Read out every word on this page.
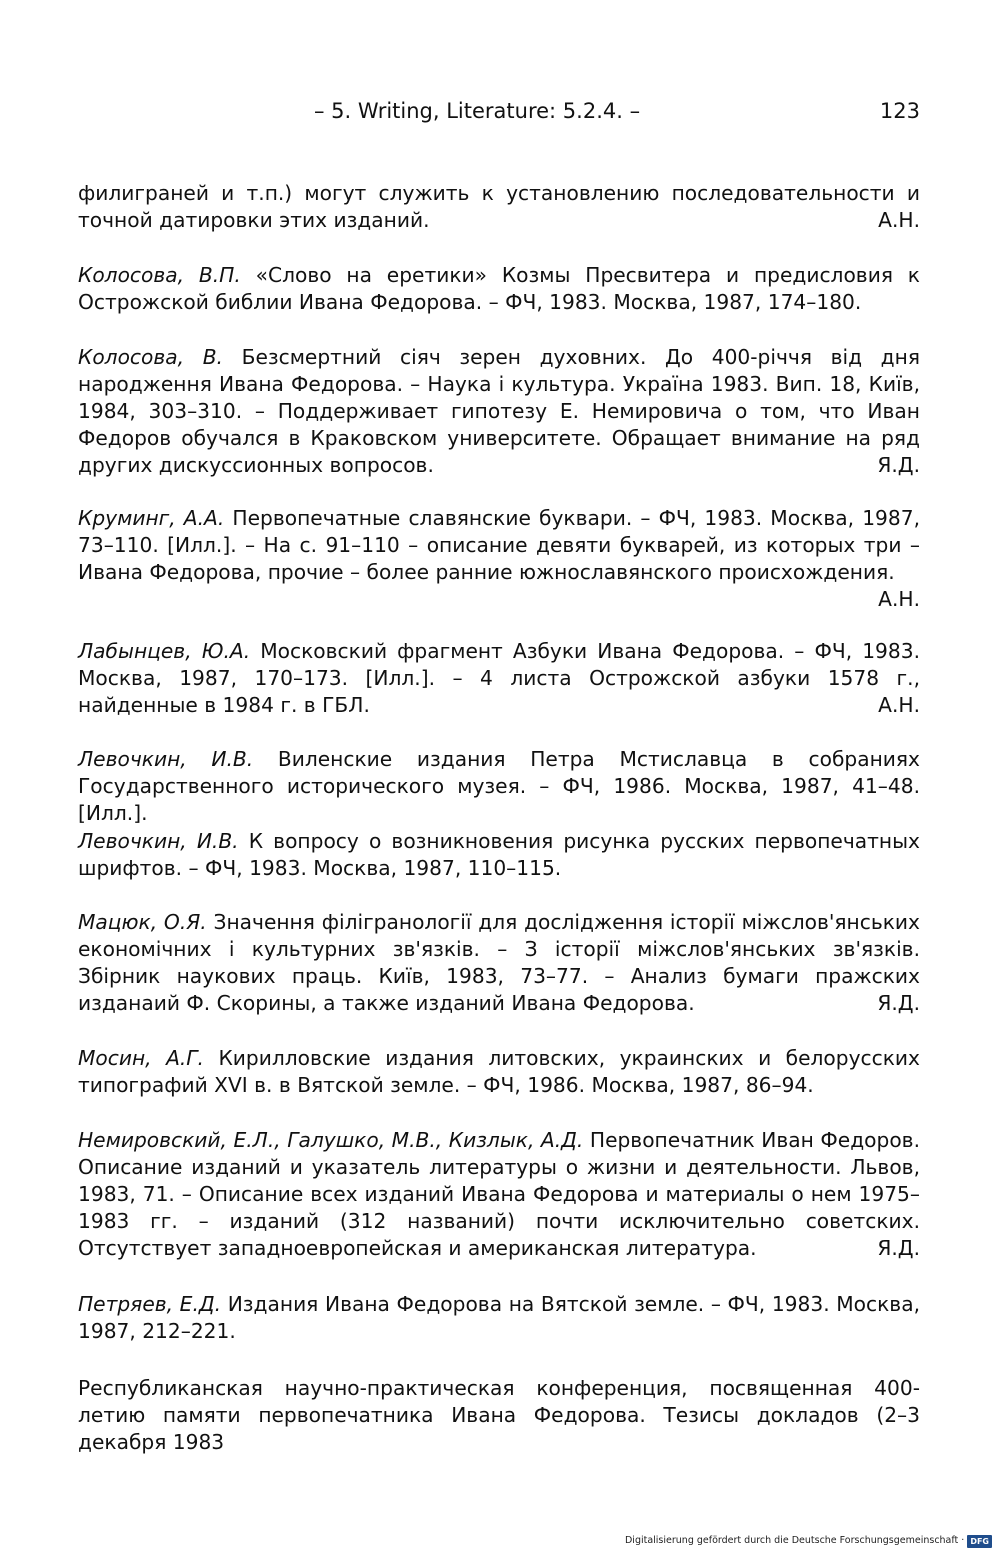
– 5. Writing, Literature: 5.2.4. –	123
филиграней и т.п.) могут служить к установлению последовательности и точной датировки этих изданий.	А.Н.
Колосова, В.П. «Слово на еретики» Козмы Пресвитера и предисловия к Острожской библии Ивана Федорова. – ФЧ, 1983. Москва, 1987, 174–180.
Колосова, В. Безсмертний сіяч зерен духовних. До 400-річчя від дня народження Ивана Федорова. – Наука і культура. Україна 1983. Вип. 18, Київ, 1984, 303–310. – Поддерживает гипотезу Е. Немировича о том, что Иван Федоров обучался в Краковском университете. Обращает внимание на ряд других дискуссионных вопросов.	Я.Д.
Круминг, А.А. Первопечатные славянские буквари. – ФЧ, 1983. Москва, 1987, 73–110. [Илл.]. – На с. 91–110 – описание девяти букварей, из которых три – Ивана Федорова, прочие – более ранние южнославянского происхождения.
А.Н.
Лабынцев, Ю.А. Московский фрагмент Азбуки Ивана Федорова. – ФЧ, 1983. Москва, 1987, 170–173. [Илл.]. – 4 листа Острожской азбуки 1578 г., найденные в 1984 г. в ГБЛ.	А.Н.
Левочкин, И.В. Виленские издания Петра Мстиславца в собраниях Государственного исторического музея. – ФЧ, 1986. Москва, 1987, 41–48. [Илл.].
Левочкин, И.В. К вопросу о возникновения рисунка русских первопечатных шрифтов. – ФЧ, 1983. Москва, 1987, 110–115.
Мацюк, О.Я. Значення філігранології для дослідження історії міжслов'янських економічних і культурних зв'язків. – З історії міжслов'янських зв'язків. Збірник наукових праць. Київ, 1983, 73–77. – Анализ бумаги пражских изданаий Ф. Скорины, а также изданий Ивана Федорова.	Я.Д.
Мосин, А.Г. Кирилловские издания литовских, украинских и белорусских типографий XVI в. в Вятской земле. – ФЧ, 1986. Москва, 1987, 86–94.
Немировский, Е.Л., Галушко, М.В., Кизлык, А.Д. Первопечатник Иван Федоров. Описание изданий и указатель литературы о жизни и деятельности. Львов, 1983, 71. – Описание всех изданий Ивана Федорова и материалы о нем 1975–1983 гг. – изданий (312 названий) почти исключительно советских. Отсутствует западноевропейская и американская литература.	Я.Д.
Петряев, Е.Д. Издания Ивана Федорова на Вятской земле. – ФЧ, 1983. Москва, 1987, 212–221.
Республиканская научно-практическая конференция, посвященная 400-летию памяти первопечатника Ивана Федорова. Тезисы докладов (2–3 декабря 1983
Digitalisierung gefördert durch die Deutsche Forschungsgemeinschaft · DFG
